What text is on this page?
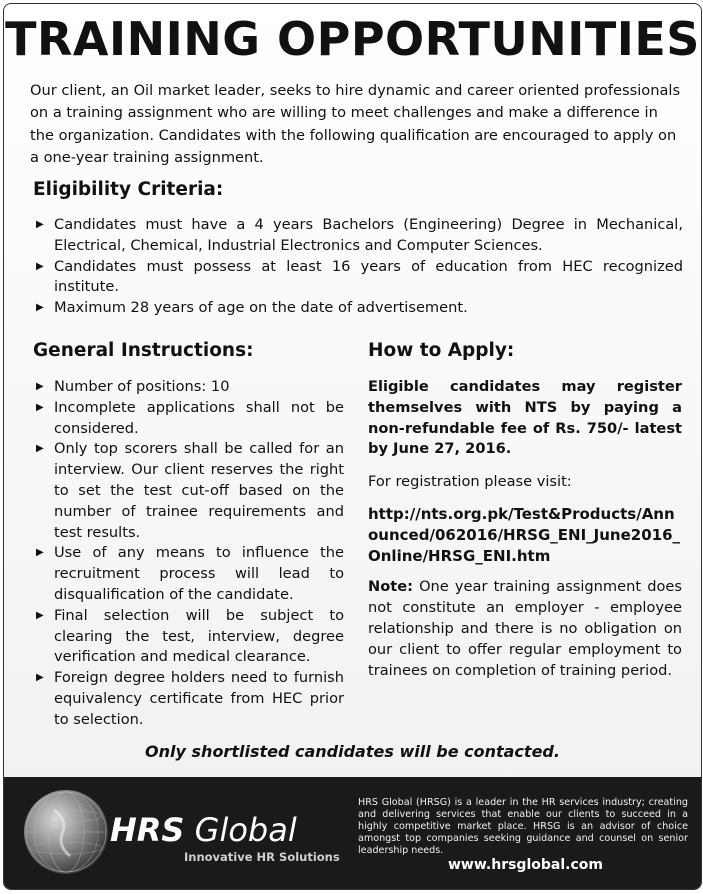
TRAINING OPPORTUNITIES
Our client, an Oil market leader, seeks to hire dynamic and career oriented professionals on a training assignment who are willing to meet challenges and make a difference in the organization. Candidates with the following qualification are encouraged to apply on a one-year training assignment.
Eligibility Criteria:
▶ Candidates must have a 4 years Bachelors (Engineering) Degree in Mechanical, Electrical, Chemical, Industrial Electronics and Computer Sciences.
▶ Candidates must possess at least 16 years of education from HEC recognized institute.
▶ Maximum 28 years of age on the date of advertisement.
General Instructions:	How to Apply:
▶ Number of positions: 10
▶ Incomplete applications shall not be considered.
▶ Only top scorers shall be called for an interview. Our client reserves the right to set the test cut-off based on the number of trainee requirements and test results.
▶ Use of any means to influence the recruitment process will lead to disqualification of the candidate.
▶ Final selection will be subject to clearing the test, interview, degree verification and medical clearance.
▶ Foreign degree holders need to furnish equivalency certificate from HEC prior to selection.
Eligible candidates may register themselves with NTS by paying a non-refundable fee of Rs. 750/- latest by June 27, 2016.
For registration please visit:
http://nts.org.pk/Test&Products/Announced/062016/HRSG_ENI_June2016_Online/HRSG_ENI.htm
Note: One year training assignment does not constitute an employer - employee relationship and there is no obligation on our client to offer regular employment to trainees on completion of training period.
Only shortlisted candidates will be contacted.
HRS Global
Innovative HR Solutions
HRS Global (HRSG) is a leader in the HR services industry; creating and delivering services that enable our clients to succeed in a highly competitive market place. HRSG is an advisor of choice amongst top companies seeking guidance and counsel on senior leadership needs.
www.hrsglobal.com
